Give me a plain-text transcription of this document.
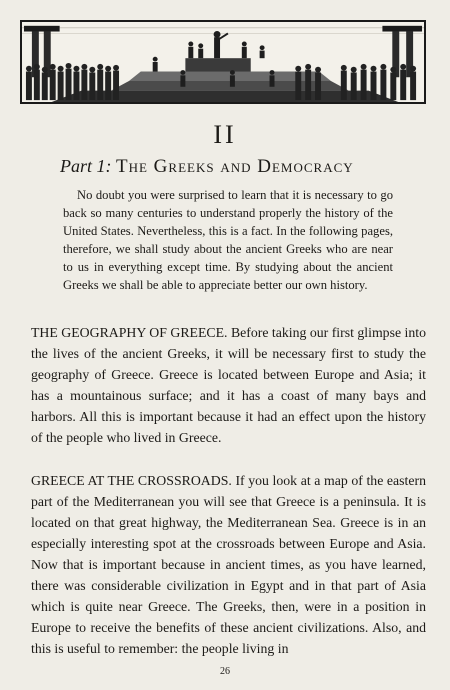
II
Part 1: The Greeks and Democracy

No doubt you were surprised to learn that it is necessary to go back so many centuries to understand properly the history of the United States. Nevertheless, this is a fact. In the following pages, therefore, we shall study about the ancient Greeks who are near to us in everything except time. By studying about the ancient Greeks we shall be able to appreciate better our own history.

THE GEOGRAPHY OF GREECE. Before taking our first glimpse into the lives of the ancient Greeks, it will be necessary first to study the geography of Greece. Greece is located between Europe and Asia; it has a mountainous surface; and it has a coast of many bays and harbors. All this is important because it had an effect upon the history of the people who lived in Greece.

GREECE AT THE CROSSROADS. If you look at a map of the eastern part of the Mediterranean you will see that Greece is a peninsula. It is located on that great highway, the Mediterranean Sea. Greece is in an especially interesting spot at the crossroads between Europe and Asia. Now that is important because in ancient times, as you have learned, there was considerable civilization in Egypt and in that part of Asia which is quite near Greece. The Greeks, then, were in a position in Europe to receive the benefits of these ancient civilizations. Also, and this is useful to remember: the people living in

26
